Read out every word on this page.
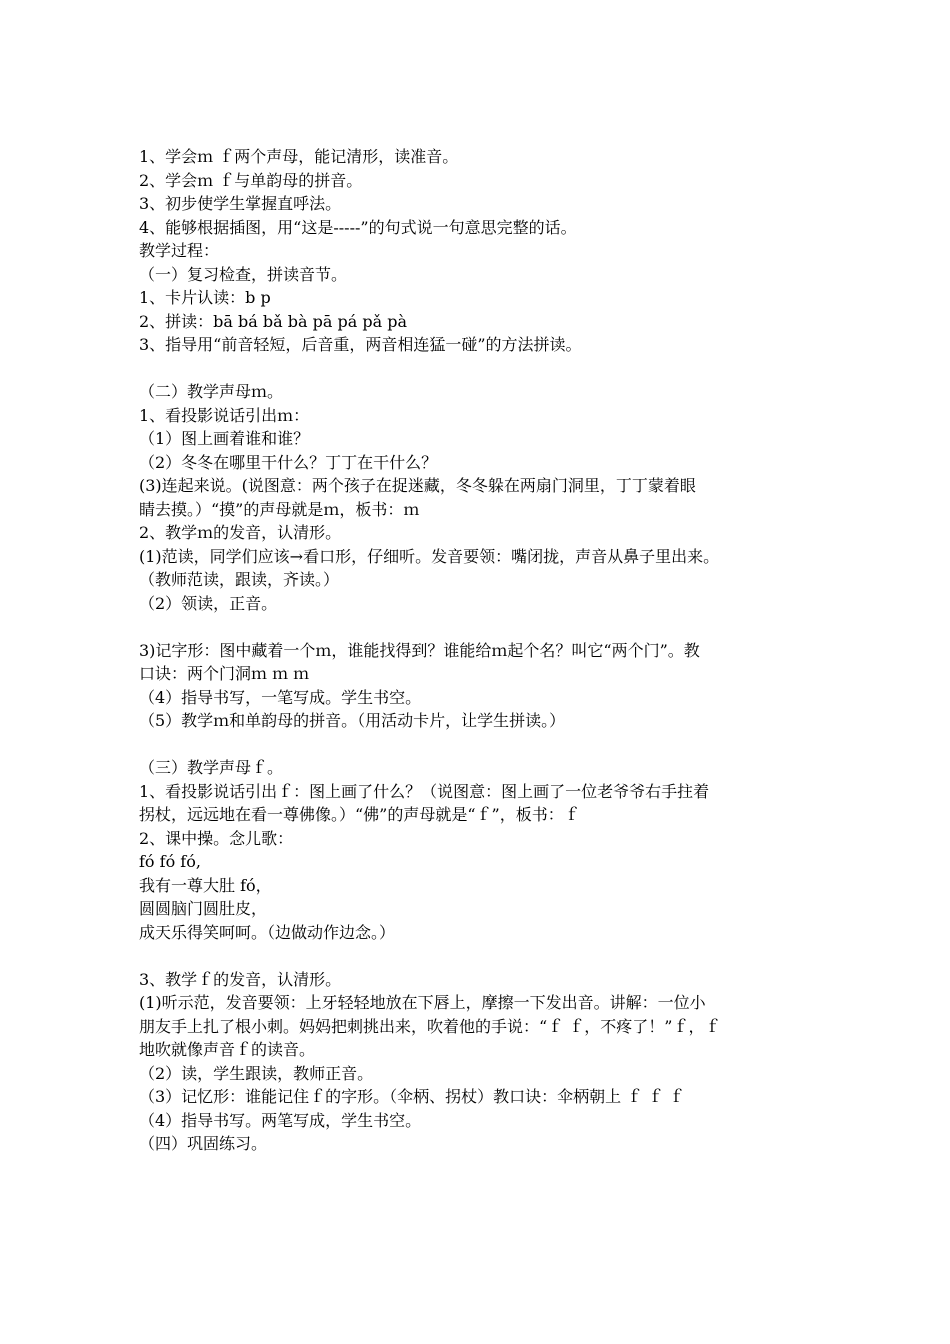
1、学会ｍ ｆ两个声母，能记清形，读准音。
2、学会ｍ ｆ与单韵母的拼音。
3、初步使学生掌握直呼法。
4、能够根据插图，用“这是-----”的句式说一句意思完整的话。
教学过程：
（一）复习检查，拼读音节。
1、卡片认读：b p
2、拼读：bā bá bǎ bà pā pá pǎ pà
3、指导用“前音轻短，后音重，两音相连猛一碰”的方法拼读。
（二）教学声母ｍ。
1、看投影说话引出ｍ：
（1）图上画着谁和谁？
（2）冬冬在哪里干什么？丁丁在干什么？
(3)连起来说。(说图意：两个孩子在捉迷藏，冬冬躲在两扇门洞里，丁丁蒙着眼
睛去摸。）“摸”的声母就是ｍ，板书：ｍ
2、教学ｍ的发音，认清形。
(1)范读，同学们应该→看口形，仔细听。发音要领：嘴闭拢，声音从鼻子里出来。
（教师范读，跟读，齐读。）
（2）领读，正音。
3)记字形：图中藏着一个ｍ，谁能找得到？谁能给ｍ起个名？叫它“两个门”。教
口诀：两个门洞ｍ ｍ ｍ
（4）指导书写，一笔写成。学生书空。
（5）教学ｍ和单韵母的拼音。（用活动卡片，让学生拼读。）
（三）教学声母ｆ。
1、看投影说话引出ｆ：图上画了什么？（说图意：图上画了一位老爷爷右手拄着
拐杖，远远地在看一尊佛像。）“佛”的声母就是“ｆ”，板书：ｆ
2、课中操。念儿歌：
fó fó fó,
我有一尊大肚 fó，
圆圆脑门圆肚皮，
成天乐得笑呵呵。（边做动作边念。）
3、教学ｆ的发音，认清形。
(1)听示范，发音要领：上牙轻轻地放在下唇上，摩擦一下发出音。讲解：一位小
朋友手上扎了根小刺。妈妈把刺挑出来，吹着他的手说：“ｆ ｆ，不疼了！”ｆ，ｆ
地吹就像声音ｆ的读音。
（2）读，学生跟读，教师正音。
（3）记忆形：谁能记住ｆ的字形。（伞柄、拐杖）教口诀：伞柄朝上 ｆ ｆ ｆ
（4）指导书写。两笔写成，学生书空。
（四）巩固练习。
